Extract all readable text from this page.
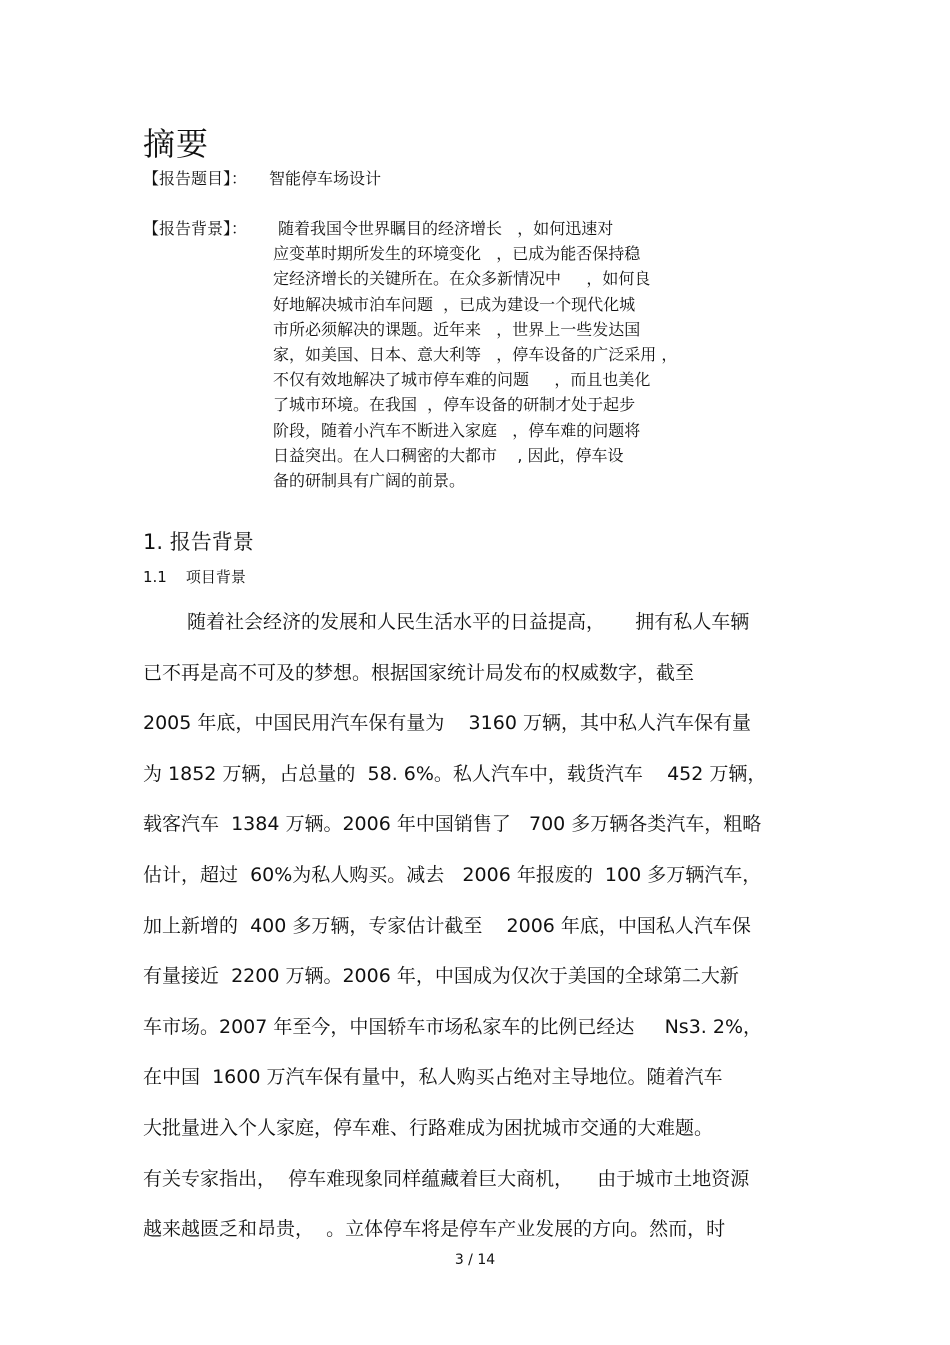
摘要
【报告题目】： 智能停车场设计
【报告背景】：	随着我国令世界瞩目的经济增长   ，如何迅速对
应变革时期所发生的环境变化   ，已成为能否保持稳
定经济增长的关键所在。在众多新情况中     ，如何良
好地解决城市泊车问题  ，已成为建设一个现代化城
市所必须解决的课题。近年来   ，世界上一些发达国
家，如美国、日本、意大利等   ，停车设备的广泛采用 ，
不仅有效地解决了城市停车难的问题     ，而且也美化
了城市环境。在我国  ，停车设备的研制才处于起步
阶段，随着小汽车不断进入家庭   ，停车难的问题将
日益突出。在人口稠密的大都市    , 因此，停车设
备的研制具有广阔的前景。
1. 报告背景
1.1    项目背景
随着社会经济的发展和人民生活水平的日益提高，     拥有私人车辆
已不再是高不可及的梦想。根据国家统计局发布的权威数字，截至
2005 年底，中国民用汽车保有量为    3160 万辆，其中私人汽车保有量
为 1852 万辆，占总量的  58. 6%。私人汽车中，载货汽车    452 万辆，
载客汽车  1384 万辆。2006 年中国销售了   700 多万辆各类汽车，粗略
估计，超过  60%为私人购买。减去   2006 年报废的  100 多万辆汽车，
加上新增的  400 多万辆，专家估计截至    2006 年底，中国私人汽车保
有量接近  2200 万辆。2006 年，中国成为仅次于美国的全球第二大新
车市场。2007 年至今，中国轿车市场私家车的比例已经达     Ns3. 2%，
在中国  1600 万汽车保有量中，私人购买占绝对主导地位。随着汽车
大批量进入个人家庭，停车难、行路难成为困扰城市交通的大难题。
有关专家指出，  停车难现象同样蕴藏着巨大商机，    由于城市土地资源
越来越匮乏和昂贵，  。立体停车将是停车产业发展的方向。然而，时
3 / 14
